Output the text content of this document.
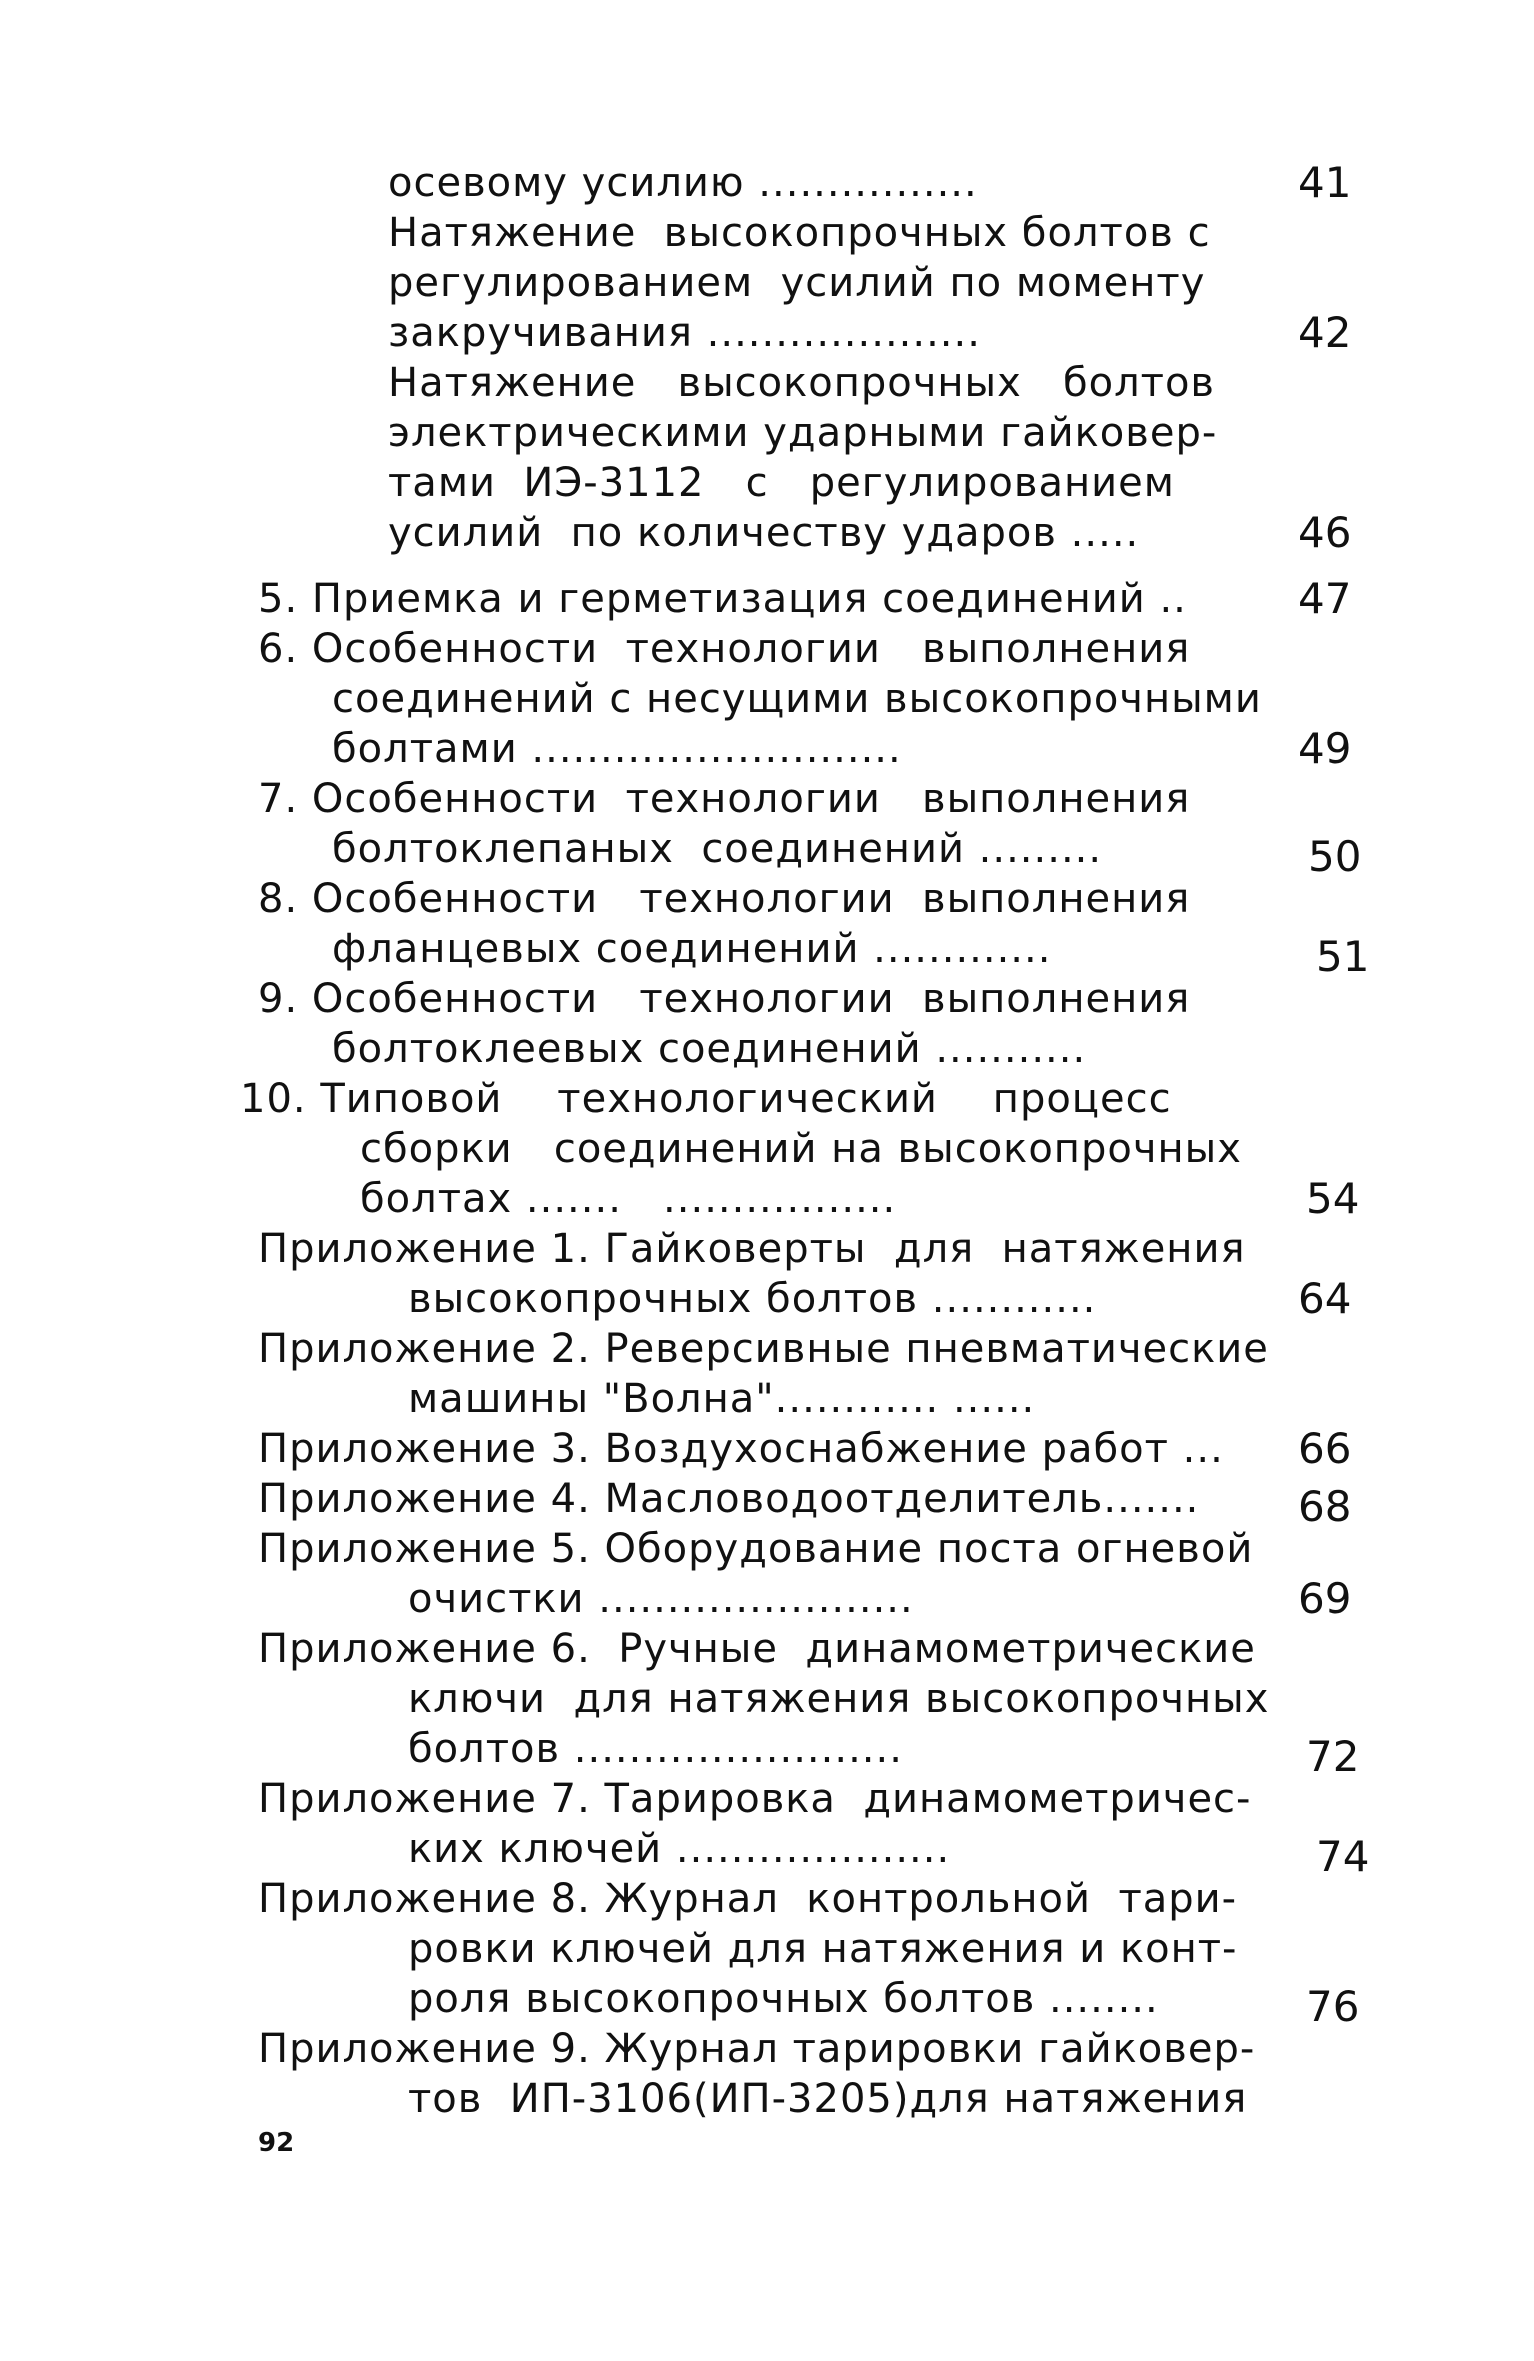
осевому усилию ................
Натяжение  высокопрочных болтов с
регулированием  усилий по моменту
закручивания ....................
Натяжение   высокопрочных   болтов
электрическими ударными гайковер-
тами  ИЭ-3112   с   регулированием
усилий  по количеству ударов .....
5. Приемка и герметизация соединений ..
6. Особенности  технологии   выполнения
соединений с несущими высокопрочными
болтами ...........................
7. Особенности  технологии   выполнения
болтоклепаных  соединений .........
8. Особенности   технологии  выполнения
фланцевых соединений .............
9. Особенности   технологии  выполнения
болтоклеевых соединений ...........
10. Типовой    технологический    процесс
сборки   соединений на высокопрочных
болтах .......   .................
Приложение 1. Гайковерты  для  натяжения
высокопрочных болтов ............
Приложение 2. Реверсивные пневматические
машины "Волна"............ ......
Приложение 3. Воздухоснабжение работ ...
Приложение 4. Масловодоотделитель.......
Приложение 5. Оборудование поста огневой
очистки .......................
Приложение 6.  Ручные  динамометрические
ключи  для натяжения высокопрочных
болтов ........................
Приложение 7. Тарировка  динамометричес-
ких ключей ....................
Приложение 8. Журнал  контрольной  тари-
ровки ключей для натяжения и конт-
роля высокопрочных болтов ........
Приложение 9. Журнал тарировки гайковер-
тов  ИП-3106(ИП-3205)для натяжения
41
42
46
47
49
50
51
54
64
66
68
69
72
74
76
92
